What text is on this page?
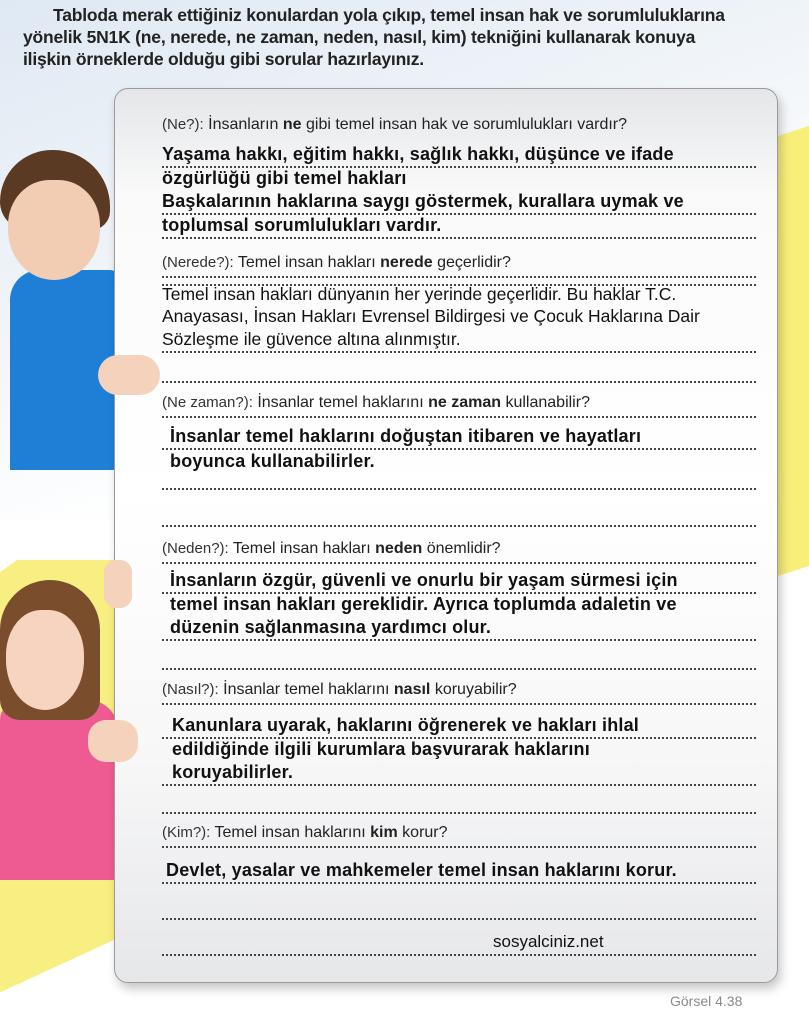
Tabloda merak ettiğiniz konulardan yola çıkıp, temel insan hak ve sorumluluklarına

yönelik 5N1K (ne, nerede, ne zaman, neden, nasıl, kim) tekniğini kullanarak konuya

ilişkin örneklerde olduğu gibi sorular hazırlayınız.

(Ne?): İnsanların ne gibi temel insan hak ve sorumlulukları vardır?
Yaşama hakkı, eğitim hakkı, sağlık hakkı, düşünce ve ifade
özgürlüğü gibi temel hakları
Başkalarının haklarına saygı göstermek, kurallara uymak ve
toplumsal sorumlulukları vardır.
(Nerede?): Temel insan hakları nerede geçerlidir?
Temel insan hakları dünyanın her yerinde geçerlidir. Bu haklar T.C.
Anayasası, İnsan Hakları Evrensel Bildirgesi ve Çocuk Haklarına Dair
Sözleşme ile güvence altına alınmıştır.
(Ne zaman?): İnsanlar temel haklarını ne zaman kullanabilir?
İnsanlar temel haklarını doğuştan itibaren ve hayatları
boyunca kullanabilirler.
(Neden?): Temel insan hakları neden önemlidir?
İnsanların özgür, güvenli ve onurlu bir yaşam sürmesi için
temel insan hakları gereklidir. Ayrıca toplumda adaletin ve
düzenin sağlanmasına yardımcı olur.
(Nasıl?): İnsanlar temel haklarını nasıl koruyabilir?
Kanunlara uyarak, haklarını öğrenerek ve hakları ihlal
edildiğinde ilgili kurumlara başvurarak haklarını
koruyabilirler.
(Kim?): Temel insan haklarını kim korur?
Devlet, yasalar ve mahkemeler temel insan haklarını korur.
sosyalciniz.net
Görsel 4.38
